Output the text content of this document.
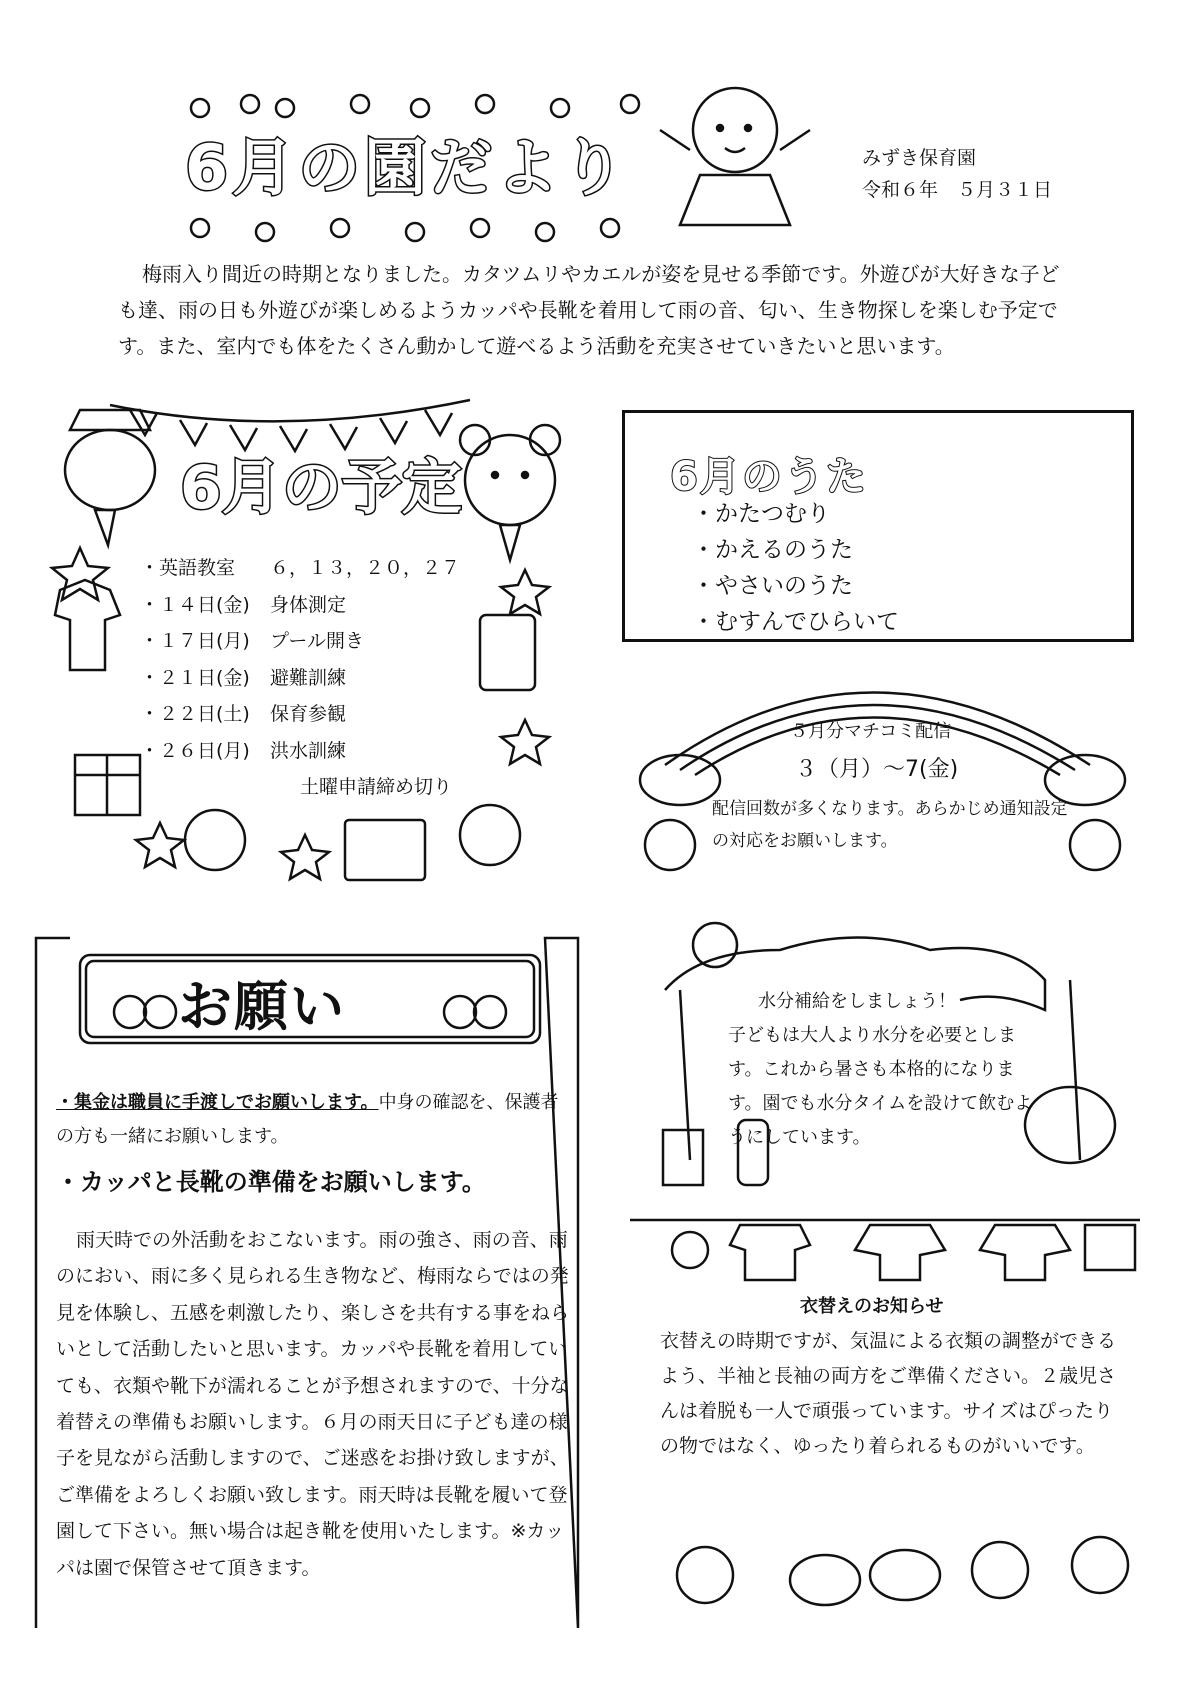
6月の園だより	みずき保育園
令和６年　５月３１日
梅雨入り間近の時期となりました。カタツムリやカエルが姿を見せる季節です。外遊びが大好きな子ども達、雨の日も外遊びが楽しめるようカッパや長靴を着用して雨の音、匂い、生き物探しを楽しむ予定です。また、室内でも体をたくさん動かして遊べるよう活動を充実させていきたいと思います。
6月の予定
・英語教室 ６，１３，２０，２７
・１４日(金) 身体測定
・１７日(月) プール開き
・２１日(金) 避難訓練
・２２日(土) 保育参観
・２６日(月) 洪水訓練
土曜申請締め切り
6月のうた
・かたつむり
・かえるのうた
・やさいのうた
・むすんでひらいて
５月分マチコミ配信
３（月）～7(金)
配信回数が多くなります。あらかじめ通知設定の対応をお願いします。
お願い
・集金は職員に手渡しでお願いします。中身の確認を、保護者の方も一緒にお願いします。
・カッパと長靴の準備をお願いします。
雨天時での外活動をおこないます。雨の強さ、雨の音、雨のにおい、雨に多く見られる生き物など、梅雨ならではの発見を体験し、五感を刺激したり、楽しさを共有する事をねらいとして活動したいと思います。カッパや長靴を着用していても、衣類や靴下が濡れることが予想されますので、十分な着替えの準備もお願いします。６月の雨天日に子ども達の様子を見ながら活動しますので、ご迷惑をお掛け致しますが、ご準備をよろしくお願い致します。雨天時は長靴を履いて登園して下さい。無い場合は起き靴を使用いたします。※カッパは園で保管させて頂きます。
水分補給をしましょう！
子どもは大人より水分を必要とします。これから暑さも本格的になります。園でも水分タイムを設けて飲むようにしています。
衣替えのお知らせ
衣替えの時期ですが、気温による衣類の調整ができるよう、半袖と長袖の両方をご準備ください。２歳児さんは着脱も一人で頑張っています。サイズはぴったりの物ではなく、ゆったり着られるものがいいです。
